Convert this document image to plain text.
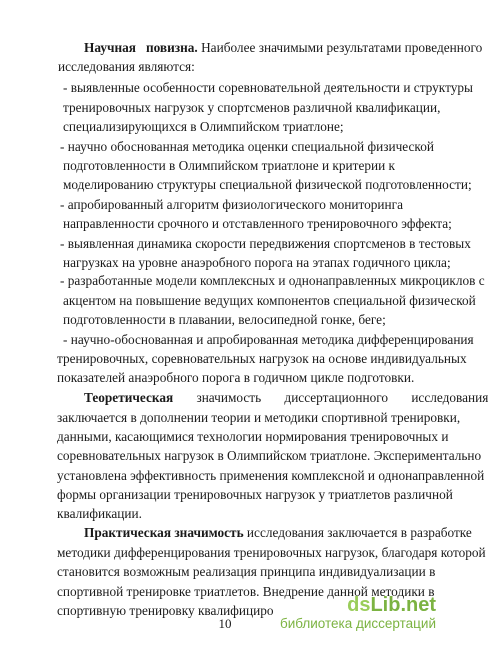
Научная   повизна. Наиболее значимыми результатами проведенного
исследования являются:
- выявленные особенности соревновательной деятельности и структуры
тренировочных нагрузок у спортсменов различной квалификации,
специализирующихся в Олимпийском триатлоне;
- научно обоснованная методика оценки специальной физической
подготовленности в Олимпийском триатлоне и критерии к
моделированию структуры специальной физической подготовленности;
- апробированный алгоритм физиологического мониторинга
направленности срочного и отставленного тренировочного эффекта;
- выявленная динамика скорости передвижения спортсменов в тестовых
нагрузках на уровне анаэробного порога на этапах годичного цикла;
- разработанные модели комплексных и однонаправленных микроциклов с
акцентом на повышение ведущих компонентов специальной физической
подготовленности в плавании, велосипедной гонке, беге;
- научно-обоснованная и апробированная методика дифференцирования
тренировочных, соревновательных нагрузок на основе индивидуальных
показателей анаэробного порога в годичном цикле подготовки.
Теоретическая значимость       диссертационного       исследования
заключается в дополнении теории и методики спортивной тренировки,
данными, касающимися технологии нормирования тренировочных и
соревновательных нагрузок в Олимпийском триатлоне. Экспериментально
установлена эффективность применения комплексной и однонаправленной
формы организации тренировочных нагрузок у триатлетов различной
квалификации.
Практическая значимость исследования заключается в разработке
методики дифференцирования тренировочных нагрузок, благодаря которой
становится возможным реализация принципа индивидуализации в
спортивной тренировке триатлетов. Внедрение данной методики в
спортивную тренировку квалифициро
10
dsLib.net
библиотека диссертаций
